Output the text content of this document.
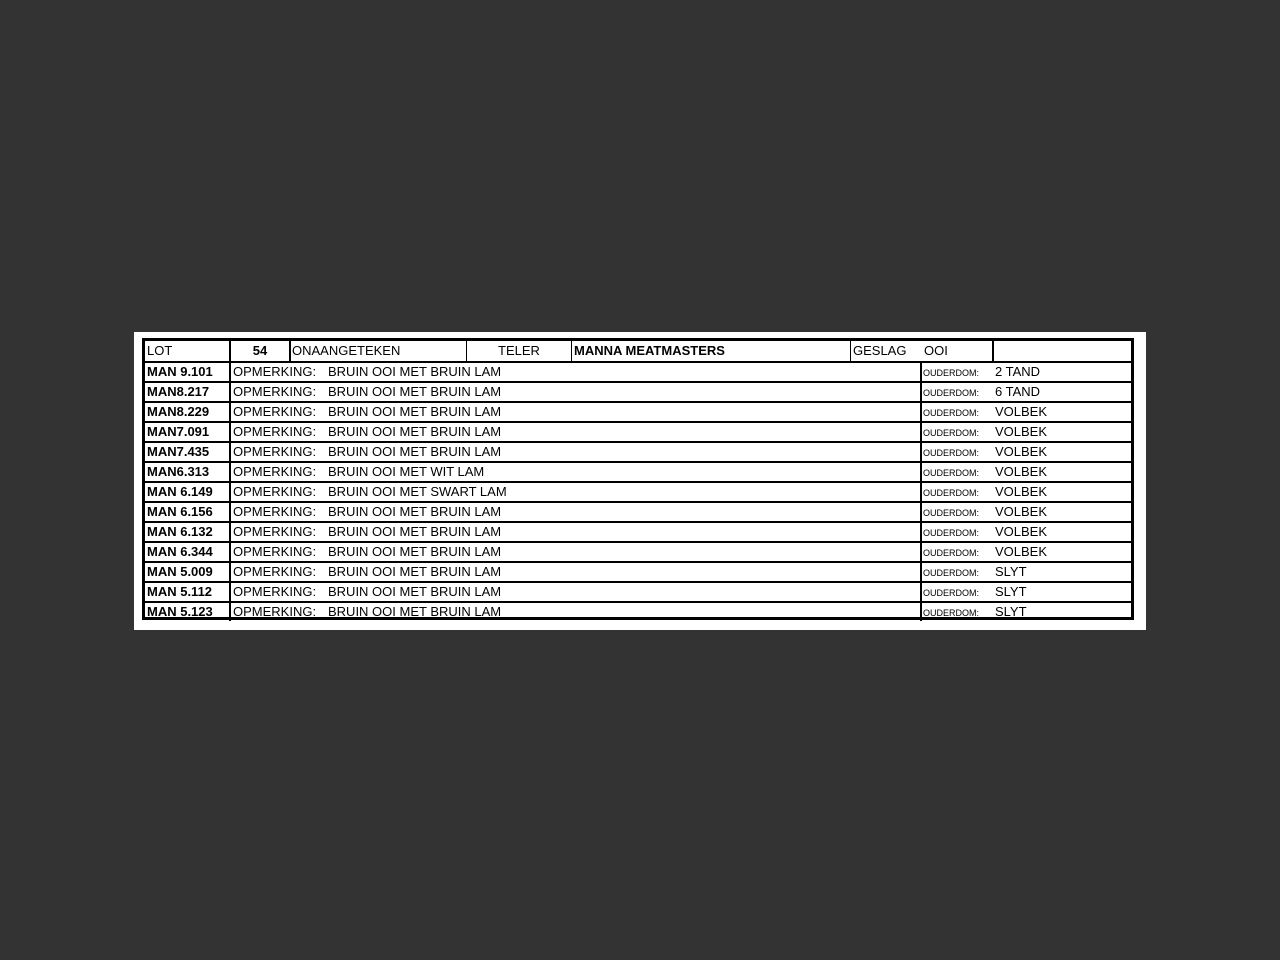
LOT	54	ONAANGETEKEN	TELER	MANNA MEATMASTERS	GESLAG	OOI
MAN 9.101	OPMERKING: BRUIN OOI MET BRUIN LAM	OUDERDOM:	2 TAND
MAN8.217	OPMERKING: BRUIN OOI MET BRUIN LAM	OUDERDOM:	6 TAND
MAN8.229	OPMERKING: BRUIN OOI MET BRUIN LAM	OUDERDOM:	VOLBEK
MAN7.091	OPMERKING: BRUIN OOI MET BRUIN LAM	OUDERDOM:	VOLBEK
MAN7.435	OPMERKING: BRUIN OOI MET BRUIN LAM	OUDERDOM:	VOLBEK
MAN6.313	OPMERKING: BRUIN OOI MET WIT LAM	OUDERDOM:	VOLBEK
MAN 6.149	OPMERKING: BRUIN OOI MET SWART LAM	OUDERDOM:	VOLBEK
MAN 6.156	OPMERKING: BRUIN OOI MET BRUIN LAM	OUDERDOM:	VOLBEK
MAN 6.132	OPMERKING: BRUIN OOI MET BRUIN LAM	OUDERDOM:	VOLBEK
MAN 6.344	OPMERKING: BRUIN OOI MET BRUIN LAM	OUDERDOM:	VOLBEK
MAN 5.009	OPMERKING: BRUIN OOI MET BRUIN LAM	OUDERDOM:	SLYT
MAN 5.112	OPMERKING: BRUIN OOI MET BRUIN LAM	OUDERDOM:	SLYT
MAN 5.123	OPMERKING: BRUIN OOI MET BRUIN LAM	OUDERDOM:	SLYT
